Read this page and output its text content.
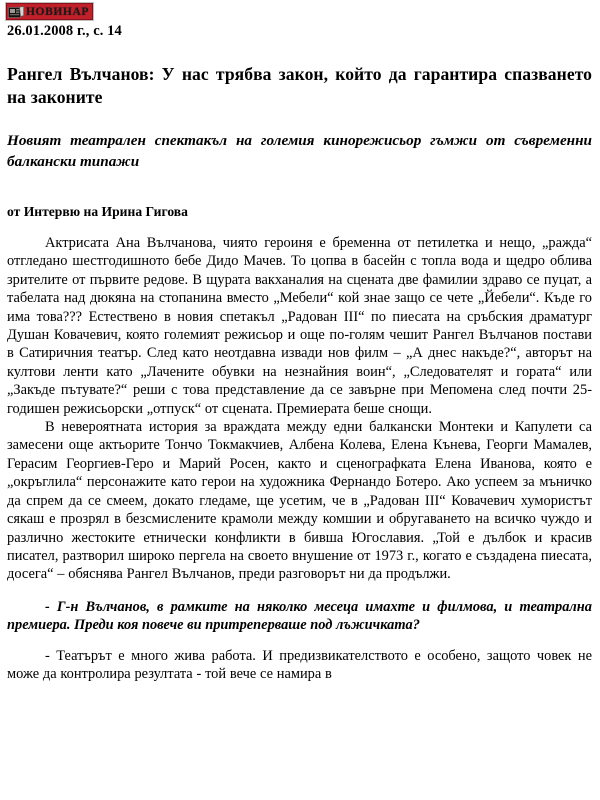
НОВИНАР
26.01.2008 г., с. 14
Рангел Вълчанов: У нас трябва закон, който да гарантира спазването на законите
Новият театрален спектакъл на големия кинорежисьор гъмжи от съвременни балкански типажи
от Интервю на Ирина Гигова

Актрисата Ана Вълчанова, чиято героиня е бременна от петилетка и нещо, „ражда“ отгледано шестгодишното бебе Дидо Мачев. То цопва в басейн с топла вода и щедро облива зрителите от първите редове. В щурата вакханалия на сцената две фамилии здраво се пуцат, а табелата над дюкяна на стопанина вместо „Мебели“ кой знае защо се чете „Йебели“. Къде го има това??? Естествено в новия спетакъл „Радован III“ по пиесата на сръбския драматург Душан Ковачевич, която големият режисьор и още по-голям чешит Рангел Вълчанов постави в Сатиричния театър. След като неотдавна извади нов филм – „А днес накъде?“, авторът на култови ленти като „Лачените обувки на незнайния воин“, „Следователят и гората“ или „Закъде пътувате?“ реши с това представление да се завърне при Мепомена след почти 25-годишен режисьорски „отпуск“ от сцената. Премиерата беше снощи.

В невероятната история за враждата между едни балкански Монтеки и Капулети са замесени още актьорите Тончо Токмакчиев, Албена Колева, Елена Кънева, Георги Мамалев, Герасим Георгиев-Геро и Марий Росен, както и сценографката Елена Иванова, която е „окръглила“ персонажите като герои на художника Фернандо Ботеро. Ако успеем за мъничко да спрем да се смеем, докато гледаме, ще усетим, че в „Радован III“ Ковачевич хумористът сякаш е прозрял в безсмислените крамоли между комшии и обругаването на всичко чуждо и различно жестоките етнически конфликти в бивша Югославия. „Той е дълбок и красив писател, разтворил широко пергела на своето внушение от 1973 г., когато е създадена пиесата, досега“ – обяснява Рангел Вълчанов, преди разговорът ни да продължи.

- Г-н Вълчанов, в рамките на няколко месеца имахте и филмова, и театрална премиера. Преди коя повече ви притреперваше под лъжичката?

- Театърът е много жива работа. И предизвикателството е особено, защото човек не може да контролира резултата - той вече се намира в
